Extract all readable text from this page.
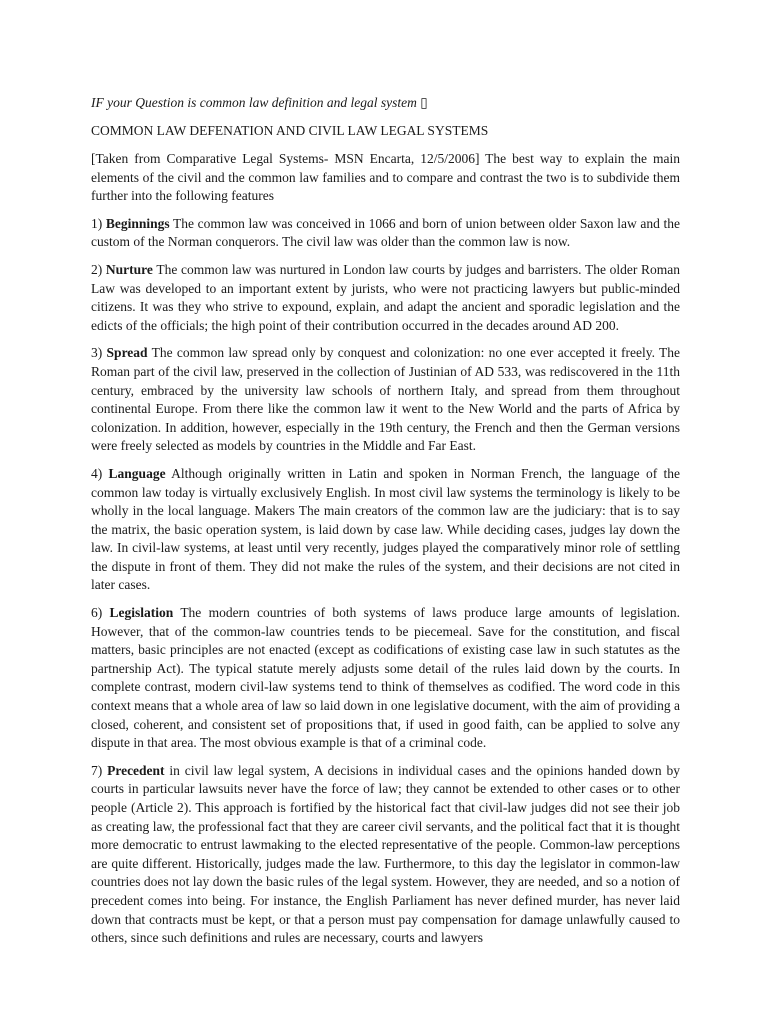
IF your Question is common law definition and legal system ▯
COMMON LAW DEFENATION AND CIVIL LAW LEGAL SYSTEMS

[Taken from Comparative Legal Systems- MSN Encarta, 12/5/2006] The best way to explain the main elements of the civil and the common law families and to compare and contrast the two is to subdivide them further into the following features

1) Beginnings The common law was conceived in 1066 and born of union between older Saxon law and the custom of the Norman conquerors. The civil law was older than the common law is now.

2) Nurture The common law was nurtured in London law courts by judges and barristers. The older Roman Law was developed to an important extent by jurists, who were not practicing lawyers but public-minded citizens. It was they who strive to expound, explain, and adapt the ancient and sporadic legislation and the edicts of the officials; the high point of their contribution occurred in the decades around AD 200.

3) Spread The common law spread only by conquest and colonization: no one ever accepted it freely. The Roman part of the civil law, preserved in the collection of Justinian of AD 533, was rediscovered in the 11th century, embraced by the university law schools of northern Italy, and spread from them throughout continental Europe. From there like the common law it went to the New World and the parts of Africa by colonization. In addition, however, especially in the 19th century, the French and then the German versions were freely selected as models by countries in the Middle and Far East.

4) Language Although originally written in Latin and spoken in Norman French, the language of the common law today is virtually exclusively English. In most civil law systems the terminology is likely to be wholly in the local language. Makers The main creators of the common law are the judiciary: that is to say the matrix, the basic operation system, is laid down by case law. While deciding cases, judges lay down the law. In civil-law systems, at least until very recently, judges played the comparatively minor role of settling the dispute in front of them. They did not make the rules of the system, and their decisions are not cited in later cases.

6) Legislation The modern countries of both systems of laws produce large amounts of legislation. However, that of the common-law countries tends to be piecemeal. Save for the constitution, and fiscal matters, basic principles are not enacted (except as codifications of existing case law in such statutes as the partnership Act). The typical statute merely adjusts some detail of the rules laid down by the courts. In complete contrast, modern civil-law systems tend to think of themselves as codified. The word code in this context means that a whole area of law so laid down in one legislative document, with the aim of providing a closed, coherent, and consistent set of propositions that, if used in good faith, can be applied to solve any dispute in that area. The most obvious example is that of a criminal code.

7) Precedent in civil law legal system, A decisions in individual cases and the opinions handed down by courts in particular lawsuits never have the force of law; they cannot be extended to other cases or to other people (Article 2). This approach is fortified by the historical fact that civil-law judges did not see their job as creating law, the professional fact that they are career civil servants, and the political fact that it is thought more democratic to entrust lawmaking to the elected representative of the people. Common-law perceptions are quite different. Historically, judges made the law. Furthermore, to this day the legislator in common-law countries does not lay down the basic rules of the legal system. However, they are needed, and so a notion of precedent comes into being. For instance, the English Parliament has never defined murder, has never laid down that contracts must be kept, or that a person must pay compensation for damage unlawfully caused to others, since such definitions and rules are necessary, courts and lawyers
